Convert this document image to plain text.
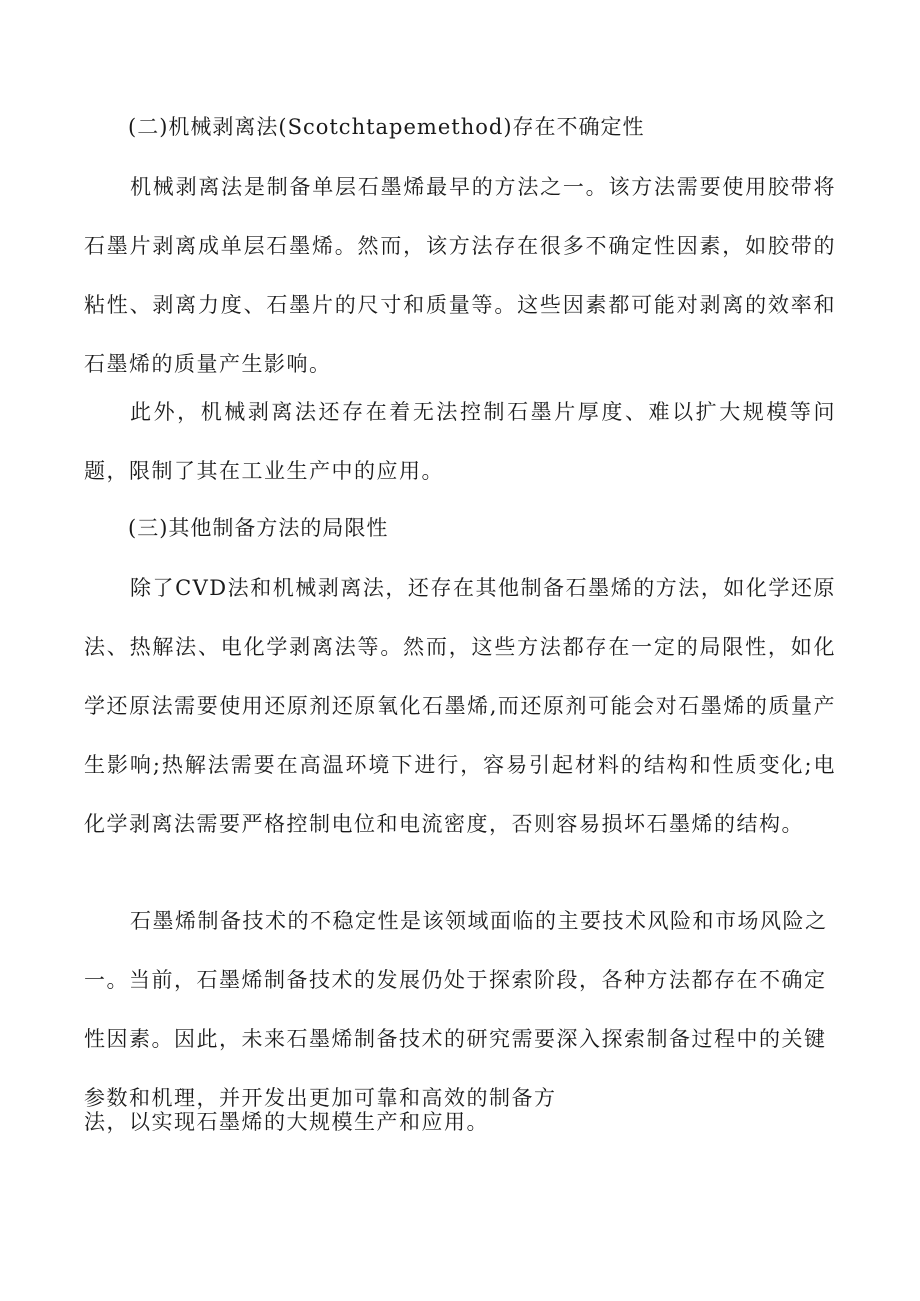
(二)机械剥离法(Scotchtapemethod)存在不确定性

机械剥离法是制备单层石墨烯最早的方法之一。该方法需要使用胶带将石墨片剥离成单层石墨烯。然而，该方法存在很多不确定性因素，如胶带的粘性、剥离力度、石墨片的尺寸和质量等。这些因素都可能对剥离的效率和石墨烯的质量产生影响。

此外，机械剥离法还存在着无法控制石墨片厚度、难以扩大规模等问题，限制了其在工业生产中的应用。

(三)其他制备方法的局限性

除了CVD法和机械剥离法，还存在其他制备石墨烯的方法，如化学还原法、热解法、电化学剥离法等。然而，这些方法都存在一定的局限性，如化学还原法需要使用还原剂还原氧化石墨烯,而还原剂可能会对石墨烯的质量产生影响;热解法需要在高温环境下进行，容易引起材料的结构和性质变化;电化学剥离法需要严格控制电位和电流密度，否则容易损坏石墨烯的结构。

石墨烯制备技术的不稳定性是该领域面临的主要技术风险和市场风险之一。当前，石墨烯制备技术的发展仍处于探索阶段，各种方法都存在不确定性因素。因此，未来石墨烯制备技术的研究需要深入探索制备过程中的关键参数和机理，并开发出更加可靠和高效的制备方

法，以实现石墨烯的大规模生产和应用。
